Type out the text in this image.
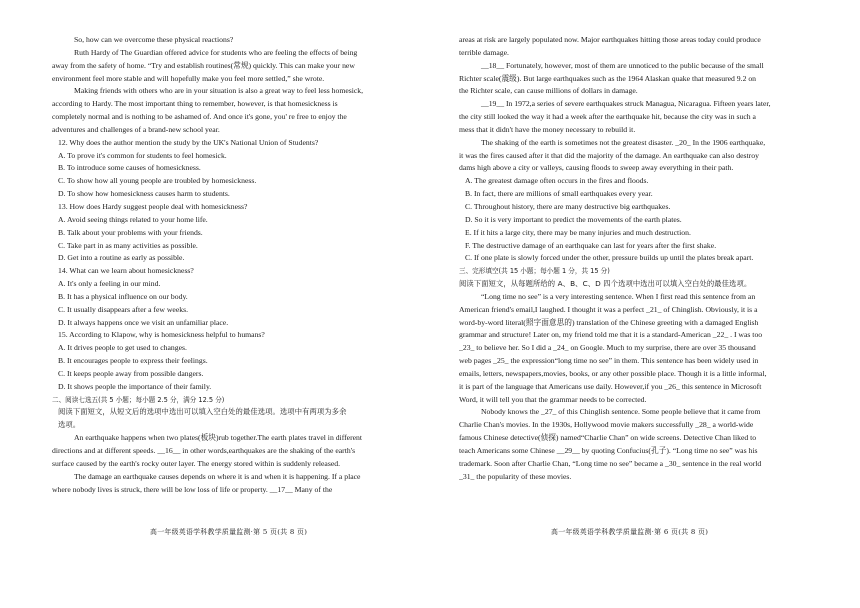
So, how can we overcome these physical reactions?
Ruth Hardy of The Guardian offered advice for students who are feeling the effects of being
away from the safety of home. “Try and establish routines(常规) quickly. This can make your new
environment feel more stable and will hopefully make you feel more settled,” she wrote.
Making friends with others who are in your situation is also a great way to feel less homesick,
according to Hardy. The most important thing to remember, however, is that homesickness is
completely normal and is nothing to be ashamed of. And once it's gone, you' re free to enjoy the
adventures and challenges of a brand-new school year.
12. Why does the author mention the study by the UK's National Union of Students?
A. To prove it's common for students to feel homesick.
B. To introduce some causes of homesickness.
C. To show how all young people are troubled by homesickness.
D. To show how homesickness causes harm to students.
13. How does Hardy suggest people deal with homesickness?
A. Avoid seeing things related to your home life.
B. Talk about your problems with your friends.
C. Take part in as many activities as possible.
D. Get into a routine as early as possible.
14. What can we learn about homesickness?
A. It's only a feeling in our mind.
B. It has a physical influence on our body.
C. It usually disappears after a few weeks.
D. It always happens once we visit an unfamiliar place.
15. According to Klapow, why is homesickness helpful to humans?
A. It drives people to get used to changes.
B. It encourages people to express their feelings.
C. It keeps people away from possible dangers.
D. It shows people the importance of their family.
二、阅读七选五(共 5 小题；每小题 2.5 分，满分 12.5 分)
阅读下面短文，从短文后的选项中选出可以填入空白处的最佳选项。选项中有两项为多余
选项。
An earthquake happens when two plates(板块)rub together.The earth plates travel in different
directions and at different speeds. __16__ in other words,earthquakes are the shaking of the earth's
surface caused by the earth's rocky outer layer. The energy stored within is suddenly released.
The damage an earthquake causes depends on where it is and when it is happening. If a place
where nobody lives is struck, there will be low loss of life or property. __17__ Many of the
areas at risk are largely populated now. Major earthquakes hitting those areas today could produce
terrible damage.
__18__ Fortunately, however, most of them are unnoticed to the public because of the small
Richter scale(震级). But large earthquakes such as the 1964 Alaskan quake that measured 9.2 on
the Richter scale, can cause millions of dollars in damage.
__19__ In 1972,a series of severe earthquakes struck Managua, Nicaragua. Fifteen years later,
the city still looked the way it had a week after the earthquake hit, because the city was in such a
mess that it didn't have the money necessary to rebuild it.
The shaking of the earth is sometimes not the greatest disaster. _20_ In the 1906 earthquake,
it was the fires caused after it that did the majority of the damage. An earthquake can also destroy
dams high above a city or valleys, causing floods to sweep away everything in their path.
A. The greatest damage often occurs in the fires and floods.
B. In fact, there are millions of small earthquakes every year.
C. Throughout history, there are many destructive big earthquakes.
D. So it is very important to predict the movements of the earth plates.
E. If it hits a large city, there may be many injuries and much destruction.
F. The destructive damage of an earthquake can last for years after the first shake.
C. If one plate is slowly forced under the other, pressure builds up until the plates break apart.
三、完形填空(共 15 小题；每小题 1 分，共 15 分)
阅读下面短文，从每题所给的 A、B、C、D 四个选项中选出可以填入空白处的最佳选项。
“Long time no see” is a very interesting sentence. When I first read this sentence from an
American friend's email,I laughed. I thought it was a perfect _21_ of Chinglish. Obviously, it is a
word-by-word literal(照字面意思的) translation of the Chinese greeting with a damaged English
grammar and structure! Later on, my friend told me that it is a standard-American _22_ . I was too
_23_ to believe her. So I did a _24_ on Google. Much to my surprise, there are over 35 thousand
web pages _25_ the expression“long time no see” in them. This sentence has been widely used in
emails, letters, newspapers,movies, books, or any other possible place. Though it is a little informal,
it is part of the language that Americans use daily. However,if you _26_ this sentence in Microsoft
Word, it will tell you that the grammar needs to be corrected.
Nobody knows the _27_ of this Chinglish sentence. Some people believe that it came from
Charlie Chan's movies. In the 1930s, Hollywood movie makers successfully _28_ a world-wide
famous Chinese detective(侦探) named“Charlie Chan” on wide screens. Detective Chan liked to
teach Americans some Chinese __29__ by quoting Confucius(孔子). “Long time no see” was his
trademark. Soon after Charlie Chan, “Long time no see” became a _30_ sentence in the real world
_31_ the popularity of these movies.
高一年级英语学科教学质量监测·第 5 页(共 8 页)	高一年级英语学科教学质量监测·第 6 页(共 8 页)
